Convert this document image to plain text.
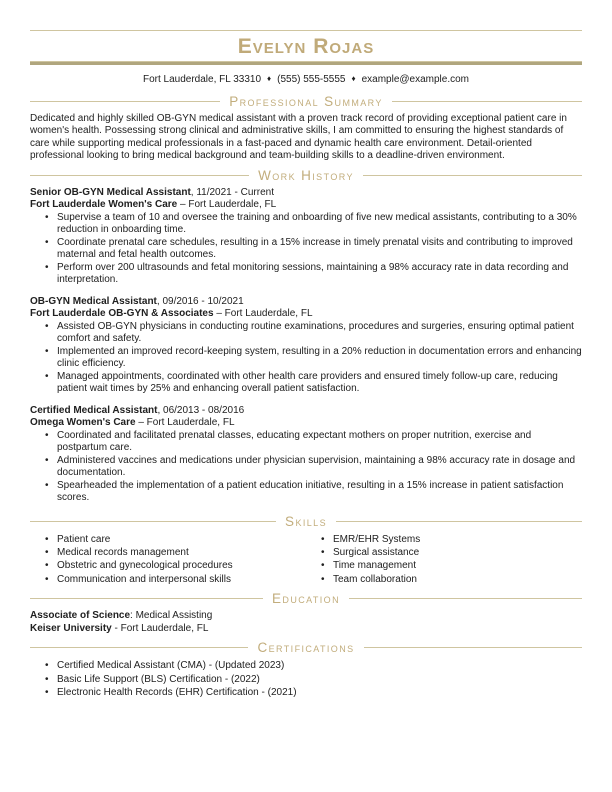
Evelyn Rojas
Fort Lauderdale, FL 33310 ♦ (555) 555-5555 ♦ example@example.com
Professional Summary
Dedicated and highly skilled OB-GYN medical assistant with a proven track record of providing exceptional patient care in women's health. Possessing strong clinical and administrative skills, I am committed to ensuring the highest standards of care while supporting medical professionals in a fast-paced and dynamic health care environment. Detail-oriented professional looking to bring medical background and team-building skills to a deadline-driven environment.
Work History
Senior OB-GYN Medical Assistant, 11/2021 - Current
Fort Lauderdale Women's Care – Fort Lauderdale, FL
• Supervise a team of 10 and oversee the training and onboarding of five new medical assistants, contributing to a 30% reduction in onboarding time.
• Coordinate prenatal care schedules, resulting in a 15% increase in timely prenatal visits and contributing to improved maternal and fetal health outcomes.
• Perform over 200 ultrasounds and fetal monitoring sessions, maintaining a 98% accuracy rate in data recording and interpretation.
OB-GYN Medical Assistant, 09/2016 - 10/2021
Fort Lauderdale OB-GYN & Associates – Fort Lauderdale, FL
• Assisted OB-GYN physicians in conducting routine examinations, procedures and surgeries, ensuring optimal patient comfort and safety.
• Implemented an improved record-keeping system, resulting in a 20% reduction in documentation errors and enhancing clinic efficiency.
• Managed appointments, coordinated with other health care providers and ensured timely follow-up care, reducing patient wait times by 25% and enhancing overall patient satisfaction.
Certified Medical Assistant, 06/2013 - 08/2016
Omega Women's Care – Fort Lauderdale, FL
• Coordinated and facilitated prenatal classes, educating expectant mothers on proper nutrition, exercise and postpartum care.
• Administered vaccines and medications under physician supervision, maintaining a 98% accuracy rate in dosage and documentation.
• Spearheaded the implementation of a patient education initiative, resulting in a 15% increase in patient satisfaction scores.
Skills
• Patient care
• Medical records management
• Obstetric and gynecological procedures
• Communication and interpersonal skills
• EMR/EHR Systems
• Surgical assistance
• Time management
• Team collaboration
Education
Associate of Science: Medical Assisting
Keiser University - Fort Lauderdale, FL
Certifications
• Certified Medical Assistant (CMA) - (Updated 2023)
• Basic Life Support (BLS) Certification - (2022)
• Electronic Health Records (EHR) Certification - (2021)
